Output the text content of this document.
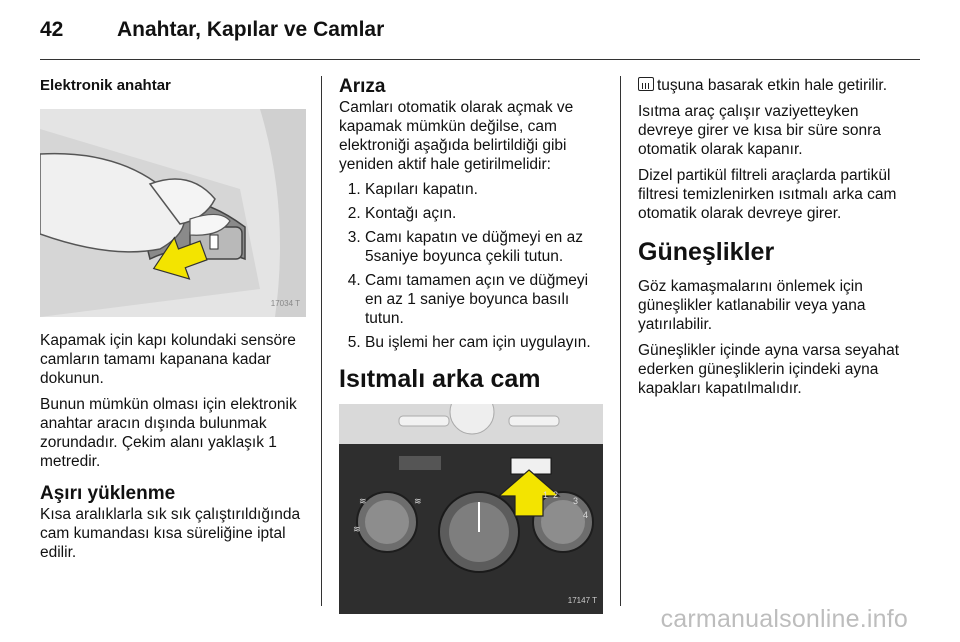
42	Anahtar, Kapılar ve Camlar
Elektronik anahtar
17034 T

Kapamak için kapı kolundaki sensöre camların tamamı kapanana kadar dokunun.

Bunun mümkün olması için elektronik anahtar aracın dışında bulunmak zorundadır. Çekim alanı yaklaşık 1 metredir.

Aşırı yüklenme

Kısa aralıklarla sık sık çalıştırıldığında cam kumandası kısa süreliğine iptal edilir.

Arıza

Camları otomatik olarak açmak ve kapamak mümkün değilse, cam elektroniği aşağıda belirtildiği gibi yeniden aktif hale getirilmelidir:

1. Kapıları kapatın.
2. Kontağı açın.
3. Camı kapatın ve düğmeyi en az 5saniye boyunca çekili tutun.
4. Camı tamamen açın ve düğmeyi en az 1 saniye boyunca basılı tutun.
5. Bu işlemi her cam için uygulayın.
Isıtmalı arka cam
≋
≋
≋
1 2
3
4
17147 T

tuşuna basarak etkin hale getirilir.

Isıtma araç çalışır vaziyetteyken devreye girer ve kısa bir süre sonra otomatik olarak kapanır.

Dizel partikül filtreli araçlarda partikül filtresi temizlenirken ısıtmalı arka cam otomatik olarak devreye girer.

Güneşlikler

Göz kamaşmalarını önlemek için güneşlikler katlanabilir veya yana yatırılabilir.

Güneşlikler içinde ayna varsa seyahat ederken güneşliklerin içindeki ayna kapakları kapatılmalıdır.

carmanualsonline.info
